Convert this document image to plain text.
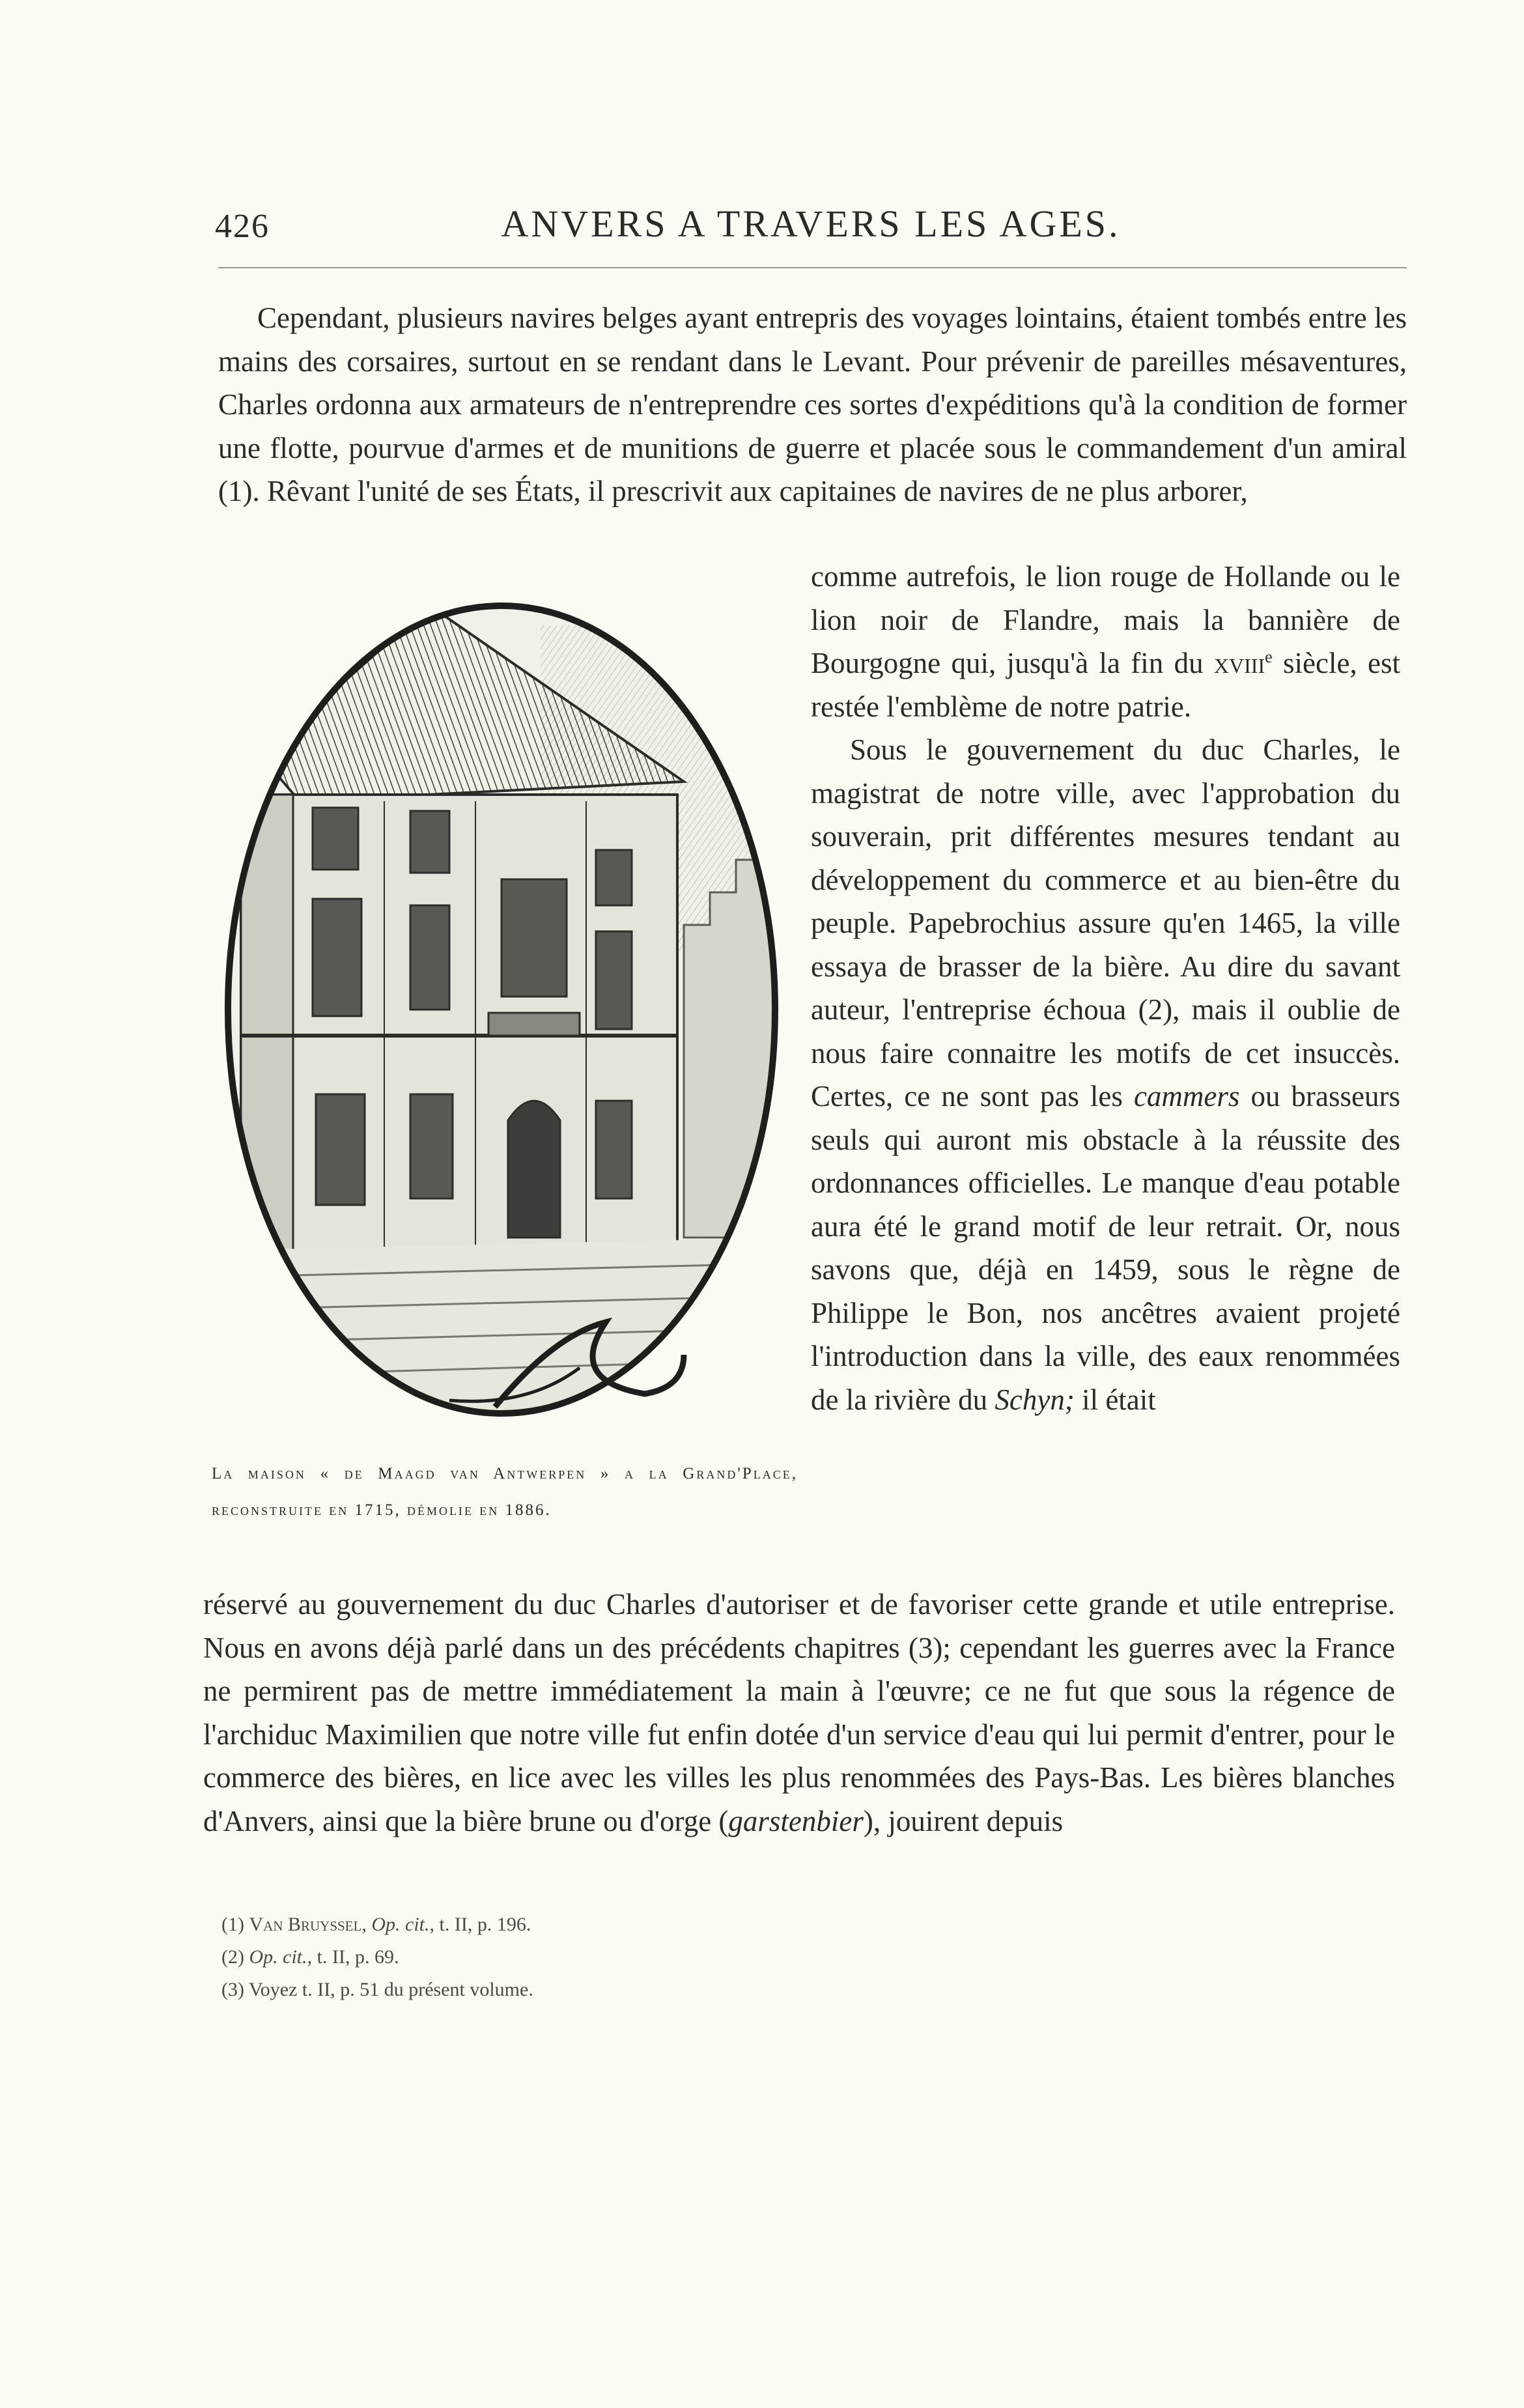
426	ANVERS A TRAVERS LES AGES.

Cependant, plusieurs navires belges ayant entrepris des voyages lointains, étaient tombés entre les mains des corsaires, surtout en se rendant dans le Levant. Pour prévenir de pareilles mésaventures, Charles ordonna aux armateurs de n'entreprendre ces sortes d'expéditions qu'à la condition de former une flotte, pourvue d'armes et de munitions de guerre et placée sous le commandement d'un amiral (1). Rêvant l'unité de ses États, il prescrivit aux capitaines de navires de ne plus arborer,

La maison « de Maagd van Antwerpen » a la Grand'Place, reconstruite en 1715, démolie en 1886.

comme autrefois, le lion rouge de Hollande ou le lion noir de Flandre, mais la bannière de Bourgogne qui, jusqu'à la fin du xviii$^e$ siècle, est restée l'emblème de notre patrie.

Sous le gouvernement du duc Charles, le magistrat de notre ville, avec l'approbation du souverain, prit différentes mesures tendant au développement du commerce et au bien-être du peuple. Papebrochius assure qu'en 1465, la ville essaya de brasser de la bière. Au dire du savant auteur, l'entreprise échoua (2), mais il oublie de nous faire connaitre les motifs de cet insuccès. Certes, ce ne sont pas les cammers ou brasseurs seuls qui auront mis obstacle à la réussite des ordonnances officielles. Le manque d'eau potable aura été le grand motif de leur retrait. Or, nous savons que, déjà en 1459, sous le règne de Philippe le Bon, nos ancêtres avaient projeté l'introduction dans la ville, des eaux renommées de la rivière du Schyn; il était

réservé au gouvernement du duc Charles d'autoriser et de favoriser cette grande et utile entreprise. Nous en avons déjà parlé dans un des précédents chapitres (3); cependant les guerres avec la France ne permirent pas de mettre immédiatement la main à l'œuvre; ce ne fut que sous la régence de l'archiduc Maximilien que notre ville fut enfin dotée d'un service d'eau qui lui permit d'entrer, pour le commerce des bières, en lice avec les villes les plus renommées des Pays-Bas. Les bières blanches d'Anvers, ainsi que la bière brune ou d'orge (garstenbier), jouirent depuis

(1) Van Bruyssel, Op. cit., t. II, p. 196.
(2) Op. cit., t. II, p. 69.
(3) Voyez t. II, p. 51 du présent volume.
